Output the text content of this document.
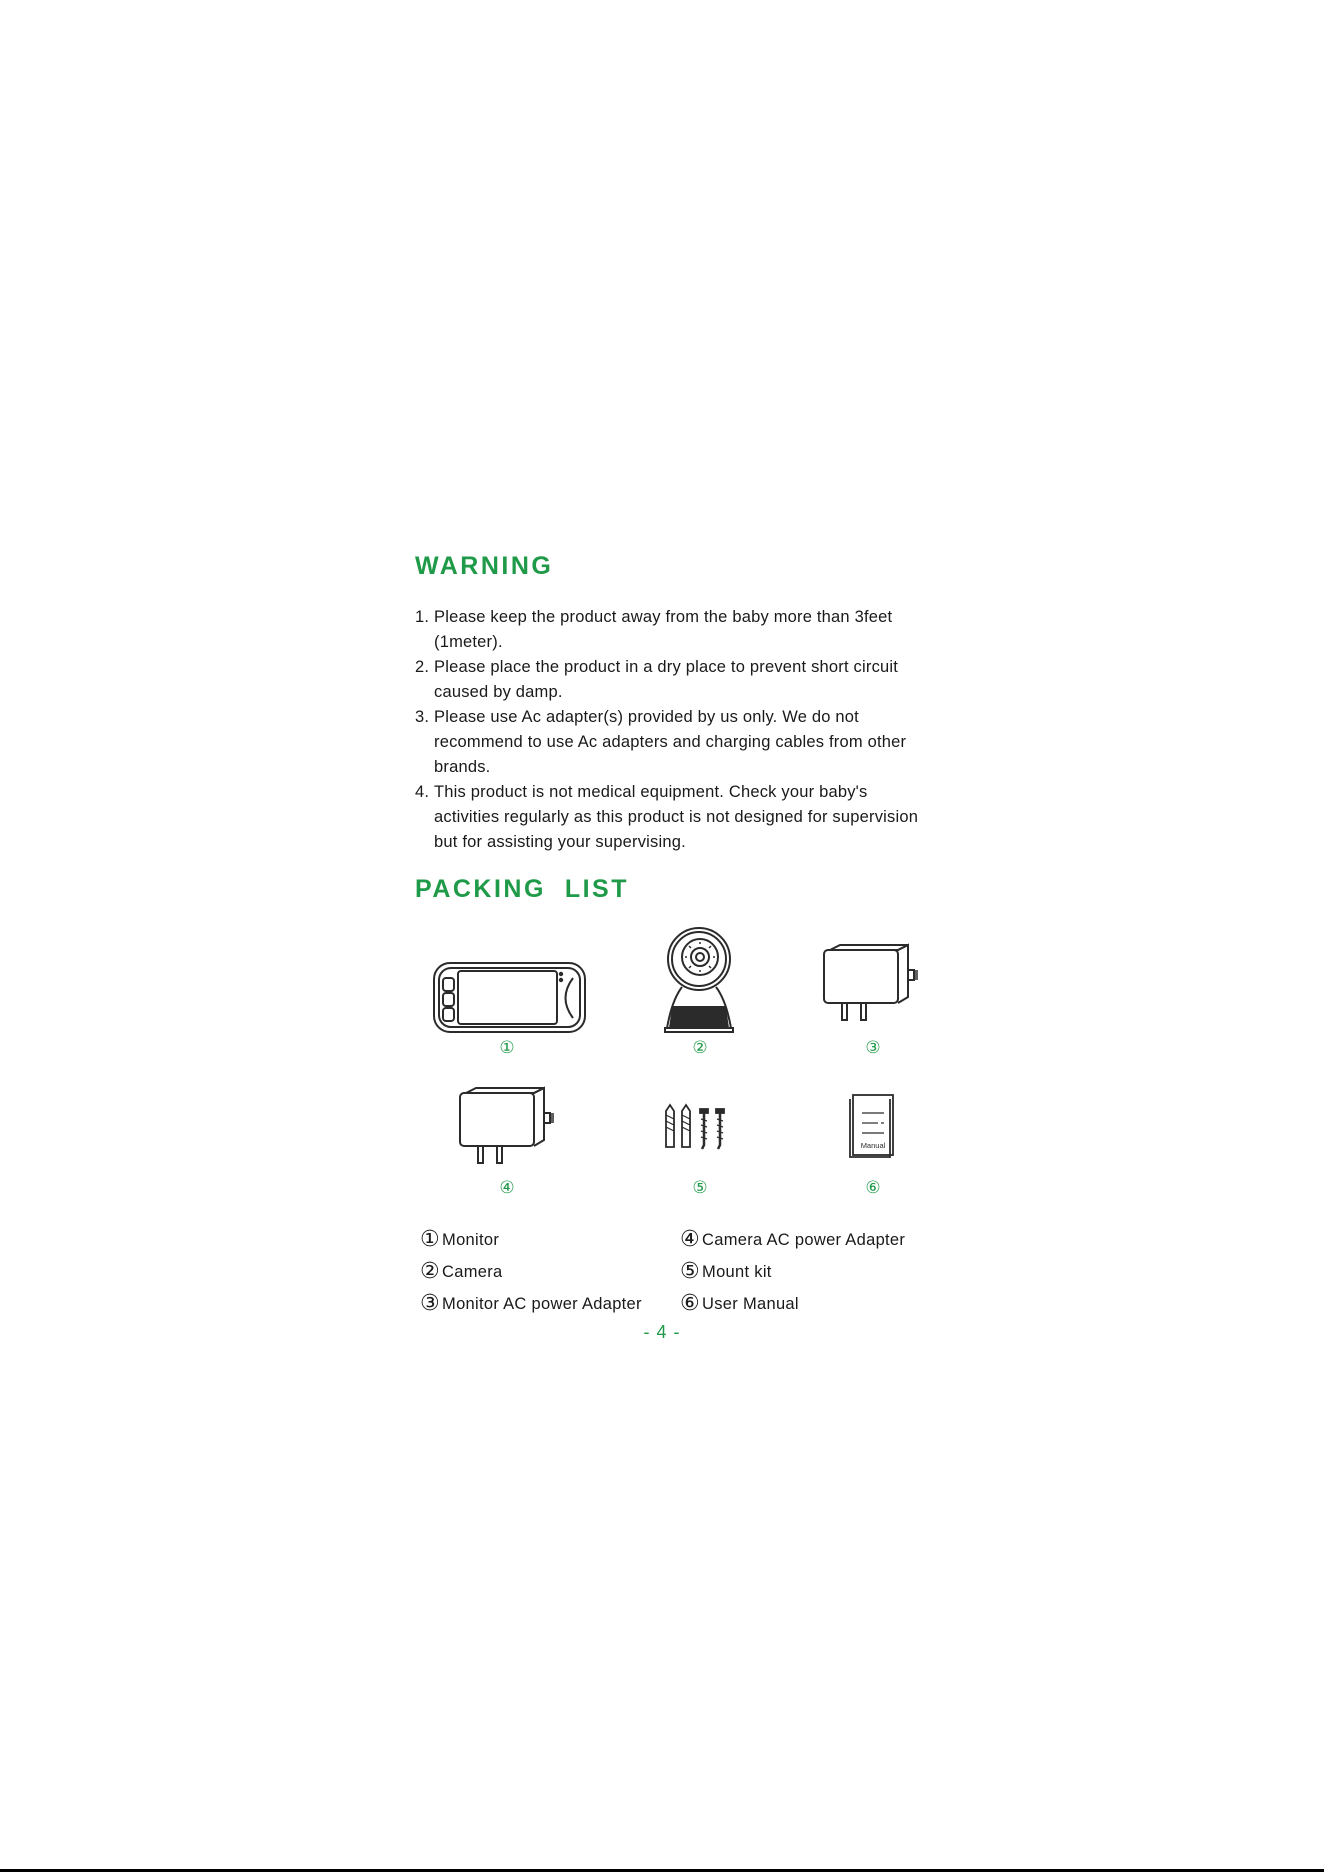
WARNING
1. Please keep the product away from the baby more than 3feet
(1meter).
2. Please place the product in a dry place to prevent short circuit
caused by damp.
3. Please use Ac adapter(s) provided by us only. We do not
recommend to use Ac adapters and charging cables from other
brands.
4. This product is not medical equipment. Check your baby's
activities regularly as this product is not designed for supervision
but for assisting your supervising.
PACKING  LIST
Manual
①	②	③
④	⑤	⑥
① Monitor
② Camera
③ Monitor AC power Adapter
④ Camera AC power Adapter
⑤ Mount kit
⑥ User Manual
- 4 -
